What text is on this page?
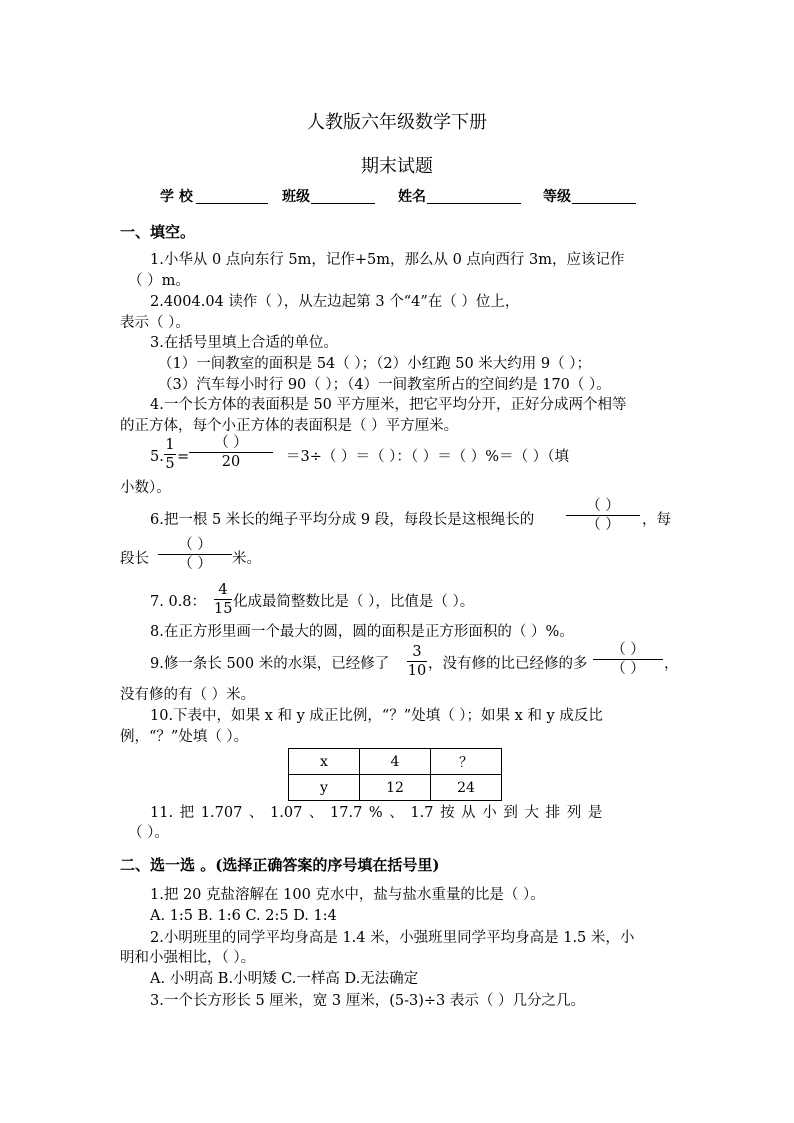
人教版六年级数学下册
期末试题
学 校	班级	姓名	等级
一、填空。
1.小华从 0 点向东行 5m，记作+5m，那么从 0 点向西行 3m，应该记作
（ ）m。
2.4004.04 读作（ ），从左边起第 3 个“4”在（ ）位上，
表示（ ）。
3.在括号里填上合适的单位。
（1）一间教室的面积是 54（ ）；（2）小红跑 50 米大约用 9（ ）；
（3）汽车每小时行 90（ ）；（4）一间教室所占的空间约是 170（ ）。
4.一个长方体的表面积是 50 平方厘米，把它平均分开，正好分成两个相等
的正方体，每个小正方体的表面积是（ ）平方厘米。
5.
1
5 =
（ ）
20	＝3÷（ ）＝（ ）：（ ）＝（ ）%＝（ ）（填
小数）。
6.把一根 5 米长的绳子平均分成 9 段，每段长是这根绳长的
（ ）
（ ）	，每
段长
（ ）
（ ）	米。
7. 0.8：
4
15 化成最简整数比是（ ），比值是（ ）。
8.在正方形里画一个最大的圆，圆的面积是正方形面积的（ ）%。
9.修一条长 500 米的水渠，已经修了
3
10 ，没有修的比已经修的多
（ ）
（ ）	，
没有修的有（ ）米。
10.下表中，如果 x 和 y 成正比例，“？”处填（ ）；如果 x 和 y 成反比
例，“？”处填（ ）。
x	4	？
y	12	24
11. 把 1.707 、 1.07 、 17.7 % 、 1.7 按 从 小 到 大 排 列 是
（ ）。
二、选一选 。(选择正确答案的序号填在括号里)
1.把 20 克盐溶解在 100 克水中，盐与盐水重量的比是（ ）。
A. 1:5 B. 1:6 C. 2:5 D. 1:4
2.小明班里的同学平均身高是 1.4 米，小强班里同学平均身高是 1.5 米，小
明和小强相比，（ ）。
A. 小明高 B.小明矮 C.一样高 D.无法确定
3.一个长方形长 5 厘米，宽 3 厘米，(5-3)÷3 表示（ ）几分之几。
